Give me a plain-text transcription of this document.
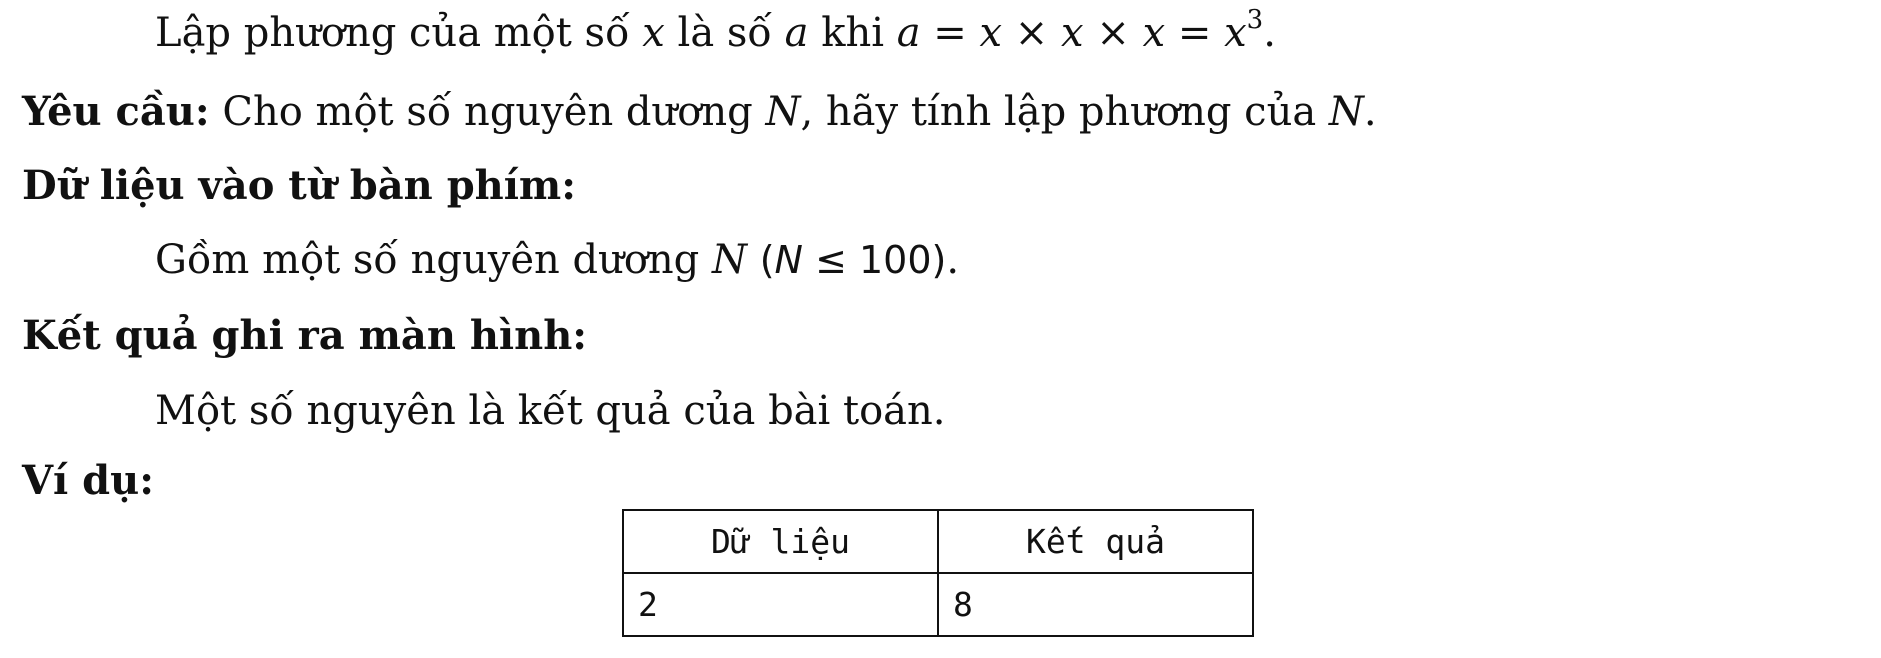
Lập phương của một số x là số a khi $a = x \times x \times x = x^3$.
Yêu cầu: Cho một số nguyên dương N, hãy tính lập phương của N.
Dữ liệu vào từ bàn phím:
Gồm một số nguyên dương N (N ≤ 100).
Kết quả ghi ra màn hình:
Một số nguyên là kết quả của bài toán.
Ví dụ:
Dữ liệu	Kết quả
2	8
